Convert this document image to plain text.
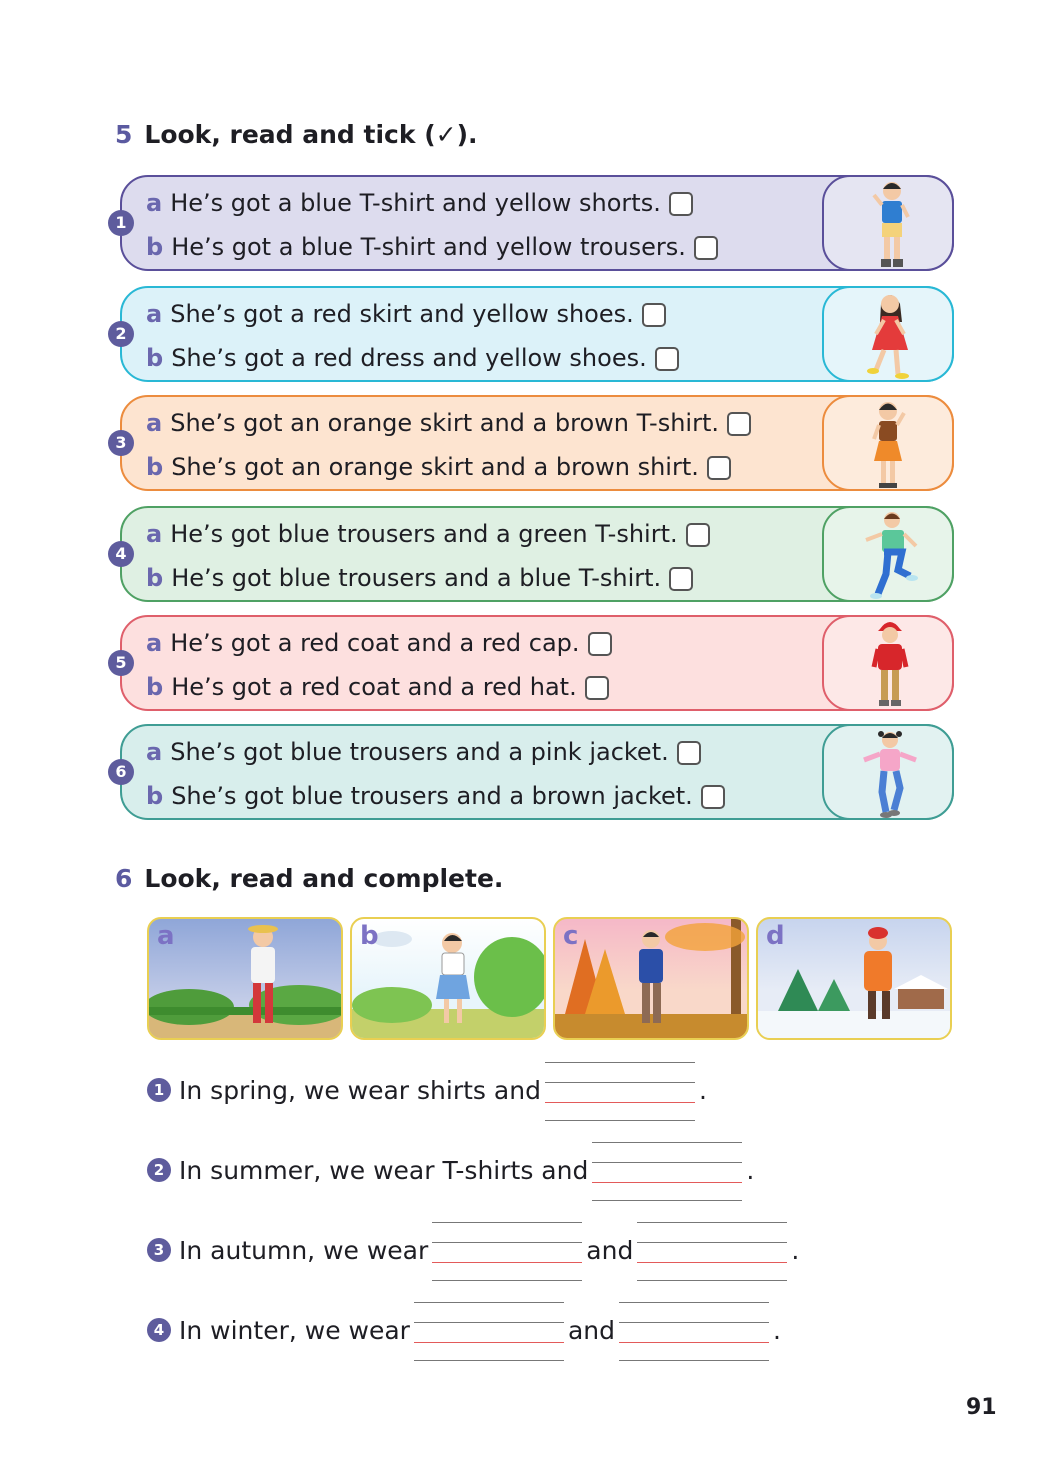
5 Look, read and tick (✓).
1
a He’s got a blue T-shirt and yellow shorts.
b He’s got a blue T-shirt and yellow trousers.
2
a She’s got a red skirt and yellow shoes.
b She’s got a red dress and yellow shoes.
3
a She’s got an orange skirt and a brown T-shirt.
b She’s got an orange skirt and a brown shirt.
4
a He’s got blue trousers and a green T-shirt.
b He’s got blue trousers and a blue T-shirt.
5
a He’s got a red coat and a red cap.
b He’s got a red coat and a red hat.
6
a She’s got blue trousers and a pink jacket.
b She’s got blue trousers and a brown jacket.
6 Look, read and complete.
a	b	c	d
1 In spring, we wear shirts and	.
2 In summer, we wear T-shirts and	.
3 In autumn, we wear	and	.
4 In winter, we wear	and	.
91
